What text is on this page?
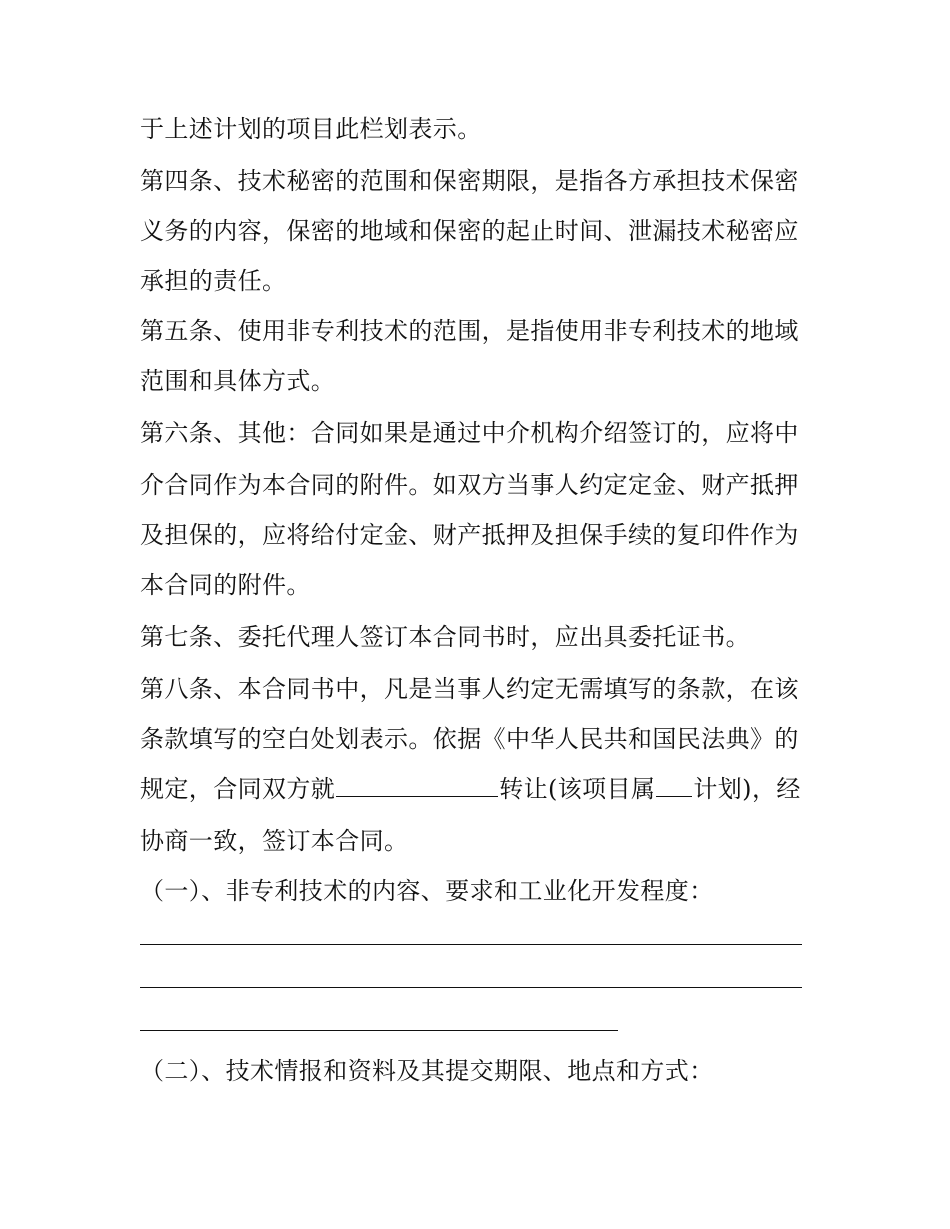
于上述计划的项目此栏划表示。
第四条、技术秘密的范围和保密期限，是指各方承担技术保密
义务的内容，保密的地域和保密的起止时间、泄漏技术秘密应
承担的责任。
第五条、使用非专利技术的范围，是指使用非专利技术的地域
范围和具体方式。
第六条、其他：合同如果是通过中介机构介绍签订的，应将中
介合同作为本合同的附件。如双方当事人约定定金、财产抵押
及担保的，应将给付定金、财产抵押及担保手续的复印件作为
本合同的附件。
第七条、委托代理人签订本合同书时，应出具委托证书。
第八条、本合同书中，凡是当事人约定无需填写的条款，在该
条款填写的空白处划表示。依据《中华人民共和国民法典》的
规定，合同双方就	转让(该项目属 计划)，经
协商一致，签订本合同。
（一）、非专利技术的内容、要求和工业化开发程度：
（二）、技术情报和资料及其提交期限、地点和方式：
